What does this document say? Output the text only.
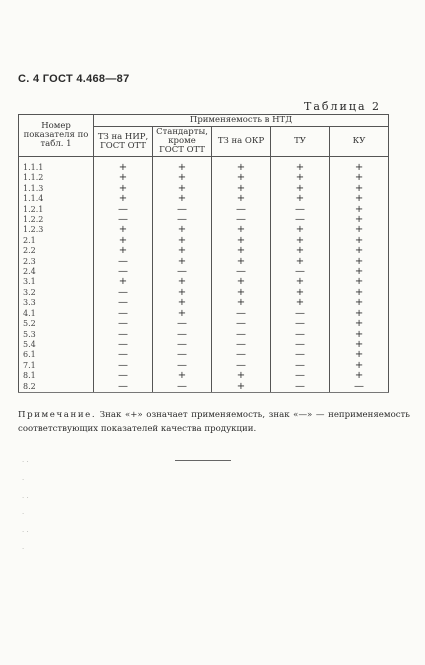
С. 4 ГОСТ 4.468—87
Таблица 2
Номер показателя по табл. 1	Применяемость в НТД				
	ТЗ на НИР, ГОСТ ОТТ	Стандарты, кроме ГОСТ ОТТ	ТЗ на ОКР	ТУ	КУ

1.1.1	+	+	+	+	+
1.1.2	+	+	+	+	+
1.1.3	+	+	+	+	+
1.1.4	+	+	+	+	+
1.2.1	—	—	—	—	+
1.2.2	—	—	—	—	+
1.2.3	+	+	+	+	+
2.1	+	+	+	+	+
2.2	+	+	+	+	+
2.3	—	+	+	+	+
2.4	—	—	—	—	+
3.1	+	+	+	+	+
3.2	—	+	+	+	+
3.3	—	+	+	+	+
4.1	—	+	—	—	+
5.2	—	—	—	—	+
5.3	—	—	—	—	+
5.4	—	—	—	—	+
6.1	—	—	—	—	+
7.1	—	—	—	—	+
8.1	—	+	+	—	+
8.2	—	—	+	—	—
Примечание. Знак «+» означает применяемость, знак «—» — неприменяемость соответствующих показателей качества продукции.
· ·
·
· ·
·
· ·
·
